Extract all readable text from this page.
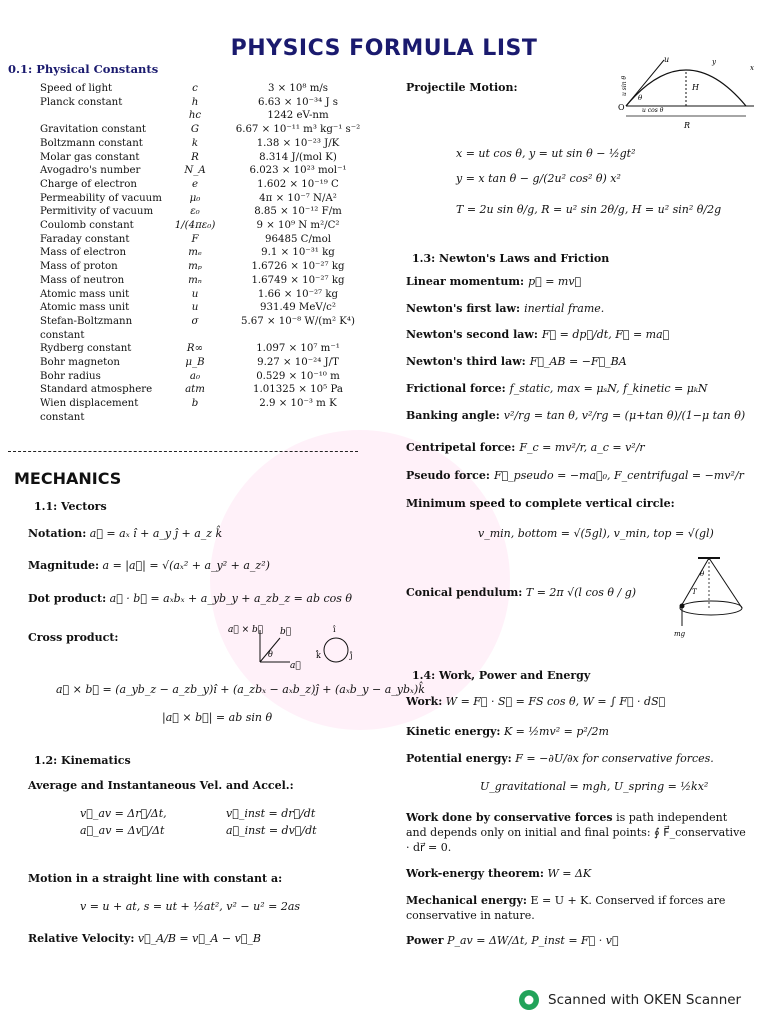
PHYSICS FORMULA LIST
0.1: Physical Constants
Speed of light	c	3 × 10⁸ m/s
Planck constant	h	6.63 × 10⁻³⁴ J s
	hc	1242 eV-nm
Gravitation constant	G	6.67 × 10⁻¹¹ m³ kg⁻¹ s⁻²
Boltzmann constant	k	1.38 × 10⁻²³ J/K
Molar gas constant	R	8.314 J/(mol K)
Avogadro's number	N_A	6.023 × 10²³ mol⁻¹
Charge of electron	e	1.602 × 10⁻¹⁹ C
Permeability of vacuum	μ₀	4π × 10⁻⁷ N/A²
Permitivity of vacuum	ε₀	8.85 × 10⁻¹² F/m
Coulomb constant	1/(4πε₀)	9 × 10⁹ N m²/C²
Faraday constant	F	96485 C/mol
Mass of electron	mₑ	9.1 × 10⁻³¹ kg
Mass of proton	mₚ	1.6726 × 10⁻²⁷ kg
Mass of neutron	mₙ	1.6749 × 10⁻²⁷ kg
Atomic mass unit	u	1.66 × 10⁻²⁷ kg
Atomic mass unit	u	931.49 MeV/c²
Stefan-Boltzmann constant	σ	5.67 × 10⁻⁸ W/(m² K⁴)
Rydberg constant	R∞	1.097 × 10⁷ m⁻¹
Bohr magneton	μ_B	9.27 × 10⁻²⁴ J/T
Bohr radius	a₀	0.529 × 10⁻¹⁰ m
Standard atmosphere	atm	1.01325 × 10⁵ Pa
Wien displacement constant	b	2.9 × 10⁻³ m K
MECHANICS
1.1: Vectors
Notation: a⃗ = aₓ î + a_y ĵ + a_z k̂
Magnitude: a = |a⃗| = √(aₓ² + a_y² + a_z²)
Dot product: a⃗ · b⃗ = aₓbₓ + a_yb_y + a_zb_z = ab cos θ
Cross product:
a⃗ × b⃗ b⃗
θ
a⃗
î
ĵ
k̂
a⃗ × b⃗ = (a_yb_z − a_zb_y)î + (a_zbₓ − aₓb_z)ĵ + (aₓb_y − a_ybₓ)k̂
|a⃗ × b⃗| = ab sin θ
1.2: Kinematics
Average and Instantaneous Vel. and Accel.:
v⃗_av = Δr⃗/Δt,	v⃗_inst = dr⃗/dt
a⃗_av = Δv⃗/Δt	a⃗_inst = dv⃗/dt
Motion in a straight line with constant a:
v = u + at, s = ut + ½at², v² − u² = 2as
Relative Velocity: v⃗_A/B = v⃗_A − v⃗_B
Projectile Motion:
u
u sin θ
u cos θ
H
R
O
θ
x
y
x = ut cos θ, y = ut sin θ − ½gt²
y = x tan θ − g/(2u² cos² θ) x²
T = 2u sin θ/g, R = u² sin 2θ/g, H = u² sin² θ/2g
1.3: Newton's Laws and Friction
Linear momentum: p⃗ = mv⃗
Newton's first law: inertial frame.
Newton's second law: F⃗ = dp⃗/dt, F⃗ = ma⃗
Newton's third law: F⃗_AB = −F⃗_BA
Frictional force: f_static, max = μₛN, f_kinetic = μₖN
Banking angle: v²/rg = tan θ, v²/rg = (μ+tan θ)/(1−μ tan θ)
Centripetal force: F_c = mv²/r, a_c = v²/r
Pseudo force: F⃗_pseudo = −ma⃗₀, F_centrifugal = −mv²/r
Minimum speed to complete vertical circle:
v_min, bottom = √(5gl), v_min, top = √(gl)
Conical pendulum: T = 2π √(l cos θ / g)
θ
T
mg
1.4: Work, Power and Energy
Work: W = F⃗ · S⃗ = FS cos θ, W = ∫ F⃗ · dS⃗
Kinetic energy: K = ½mv² = p²/2m
Potential energy: F = −∂U/∂x for conservative forces.
U_gravitational = mgh, U_spring = ½kx²
Work done by conservative forces is path independent and depends only on initial and final points: ∮ F⃗_conservative · dr⃗ = 0.
Work-energy theorem: W = ΔK
Mechanical energy: E = U + K. Conserved if forces are conservative in nature.
Power P_av = ΔW/Δt, P_inst = F⃗ · v⃗
Scanned with OKEN Scanner
